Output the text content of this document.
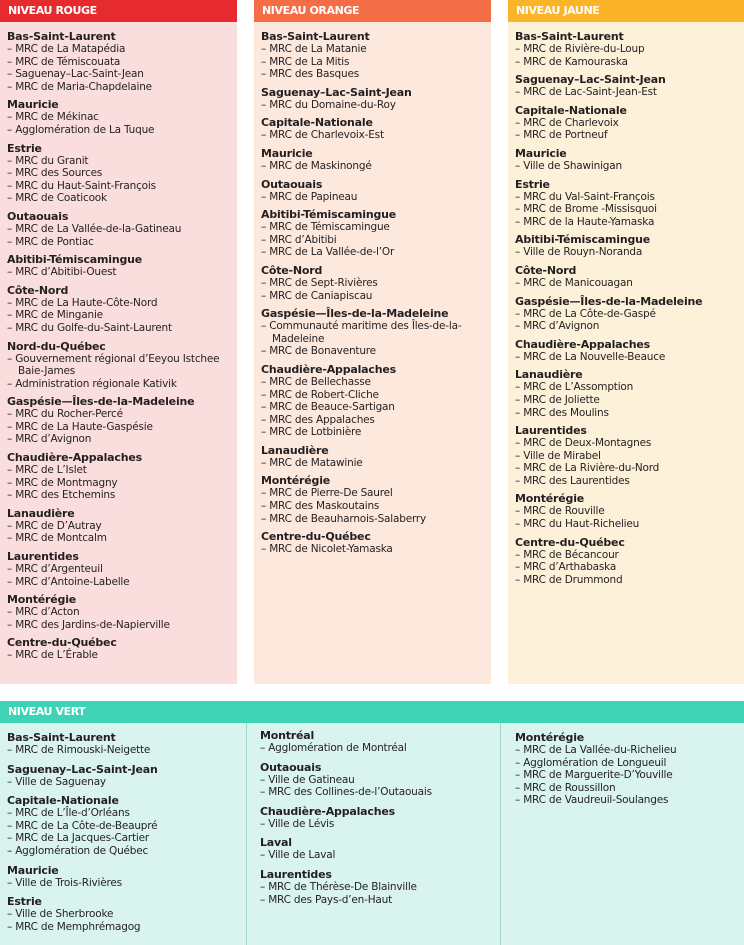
NIVEAU ROUGE
Bas-Saint-Laurent
– MRC de La Matapédia
– MRC de Témiscouata
– Saguenay–Lac-Saint-Jean
– MRC de Maria-Chapdelaine
Mauricie
– MRC de Mékinac
– Agglomération de La Tuque
Estrie
– MRC du Granit
– MRC des Sources
– MRC du Haut-Saint-François
– MRC de Coaticook
Outaouais
– MRC de La Vallée-de-la-Gatineau
– MRC de Pontiac
Abitibi-Témiscamingue
– MRC d’Abitibi-Ouest
Côte-Nord
– MRC de La Haute-Côte-Nord
– MRC de Minganie
– MRC du Golfe-du-Saint-Laurent
Nord-du-Québec
– Gouvernement régional d’Eeyou Istchee Baie-James
– Administration régionale Kativik
Gaspésie—Îles-de-la-Madeleine
– MRC du Rocher-Percé
– MRC de La Haute-Gaspésie
– MRC d’Avignon
Chaudière-Appalaches
– MRC de L’Islet
– MRC de Montmagny
– MRC des Etchemins
Lanaudière
– MRC de D’Autray
– MRC de Montcalm
Laurentides
– MRC d’Argenteuil
– MRC d’Antoine-Labelle
Montérégie
– MRC d’Acton
– MRC des Jardins-de-Napierville
Centre-du-Québec
– MRC de L’Érable
NIVEAU ORANGE
Bas-Saint-Laurent
– MRC de La Matanie
– MRC de La Mitis
– MRC des Basques
Saguenay–Lac-Saint-Jean
– MRC du Domaine-du-Roy
Capitale-Nationale
– MRC de Charlevoix-Est
Mauricie
– MRC de Maskinongé
Outaouais
– MRC de Papineau
Abitibi-Témiscamingue
– MRC de Témiscamingue
– MRC d’Abitibi
– MRC de La Vallée-de-l’Or
Côte-Nord
– MRC de Sept-Rivières
– MRC de Caniapiscau
Gaspésie—Îles-de-la-Madeleine
– Communauté maritime des Îles-de-la-Madeleine
– MRC de Bonaventure
Chaudière-Appalaches
– MRC de Bellechasse
– MRC de Robert-Cliche
– MRC de Beauce-Sartigan
– MRC des Appalaches
– MRC de Lotbinière
Lanaudière
– MRC de Matawinie
Montérégie
– MRC de Pierre-De Saurel
– MRC des Maskoutains
– MRC de Beauharnois-Salaberry
Centre-du-Québec
– MRC de Nicolet-Yamaska
NIVEAU JAUNE
Bas-Saint-Laurent
– MRC de Rivière-du-Loup
– MRC de Kamouraska
Saguenay–Lac-Saint-Jean
– MRC de Lac-Saint-Jean-Est
Capitale-Nationale
– MRC de Charlevoix
– MRC de Portneuf
Mauricie
– Ville de Shawinigan
Estrie
– MRC du Val-Saint-François
– MRC de Brome -Missisquoi
– MRC de la Haute-Yamaska
Abitibi-Témiscamingue
– Ville de Rouyn-Noranda
Côte-Nord
– MRC de Manicouagan
Gaspésie—Îles-de-la-Madeleine
– MRC de La Côte-de-Gaspé
– MRC d’Avignon
Chaudière-Appalaches
– MRC de La Nouvelle-Beauce
Lanaudière
– MRC de L’Assomption
– MRC de Joliette
– MRC des Moulins
Laurentides
– MRC de Deux-Montagnes
– Ville de Mirabel
– MRC de La Rivière-du-Nord
– MRC des Laurentides
Montérégie
– MRC de Rouville
– MRC du Haut-Richelieu
Centre-du-Québec
– MRC de Bécancour
– MRC d’Arthabaska
– MRC de Drummond
NIVEAU VERT
Bas-Saint-Laurent
– MRC de Rimouski-Neigette
Saguenay–Lac-Saint-Jean
– Ville de Saguenay
Capitale-Nationale
– MRC de L’Île-d’Orléans
– MRC de La Côte-de-Beaupré
– MRC de La Jacques-Cartier
– Agglomération de Québec
Mauricie
– Ville de Trois-Rivières
Estrie
– Ville de Sherbrooke
– MRC de Memphrémagog
Montréal
– Agglomération de Montréal
Outaouais
– Ville de Gatineau
– MRC des Collines-de-l’Outaouais
Chaudière-Appalaches
– Ville de Lévis
Laval
– Ville de Laval
Laurentides
– MRC de Thérèse-De Blainville
– MRC des Pays-d’en-Haut
Montérégie
– MRC de La Vallée-du-Richelieu
– Agglomération de Longueuil
– MRC de Marguerite-D’Youville
– MRC de Roussillon
– MRC de Vaudreuil-Soulanges
